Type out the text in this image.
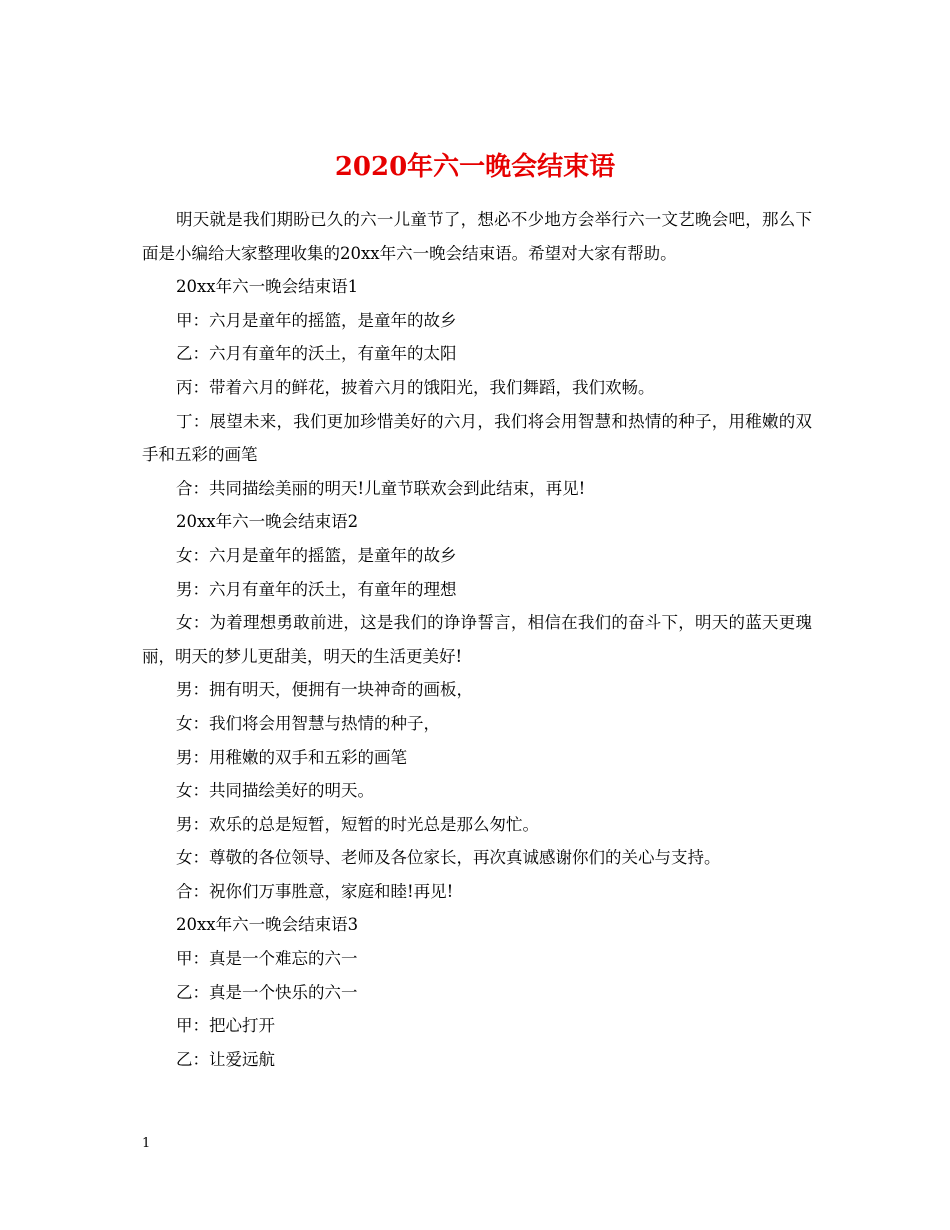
2020年六一晚会结束语

明天就是我们期盼已久的六一儿童节了，想必不少地方会举行六一文艺晚会吧，那么下面是小编给大家整理收集的20xx年六一晚会结束语。希望对大家有帮助。

20xx年六一晚会结束语1

甲：六月是童年的摇篮，是童年的故乡

乙：六月有童年的沃土，有童年的太阳

丙：带着六月的鲜花，披着六月的饿阳光，我们舞蹈，我们欢畅。

丁：展望未来，我们更加珍惜美好的六月，我们将会用智慧和热情的种子，用稚嫩的双手和五彩的画笔

合：共同描绘美丽的明天!儿童节联欢会到此结束，再见!

20xx年六一晚会结束语2

女：六月是童年的摇篮，是童年的故乡

男：六月有童年的沃土，有童年的理想

女：为着理想勇敢前进，这是我们的诤诤誓言，相信在我们的奋斗下，明天的蓝天更瑰丽，明天的梦儿更甜美，明天的生活更美好!

男：拥有明天，便拥有一块神奇的画板，

女：我们将会用智慧与热情的种子，

男：用稚嫩的双手和五彩的画笔

女：共同描绘美好的明天。

男：欢乐的总是短暂，短暂的时光总是那么匆忙。

女：尊敬的各位领导、老师及各位家长，再次真诚感谢你们的关心与支持。

合：祝你们万事胜意，家庭和睦!再见!

20xx年六一晚会结束语3

甲：真是一个难忘的六一

乙：真是一个快乐的六一

甲：把心打开

乙：让爱远航

1
